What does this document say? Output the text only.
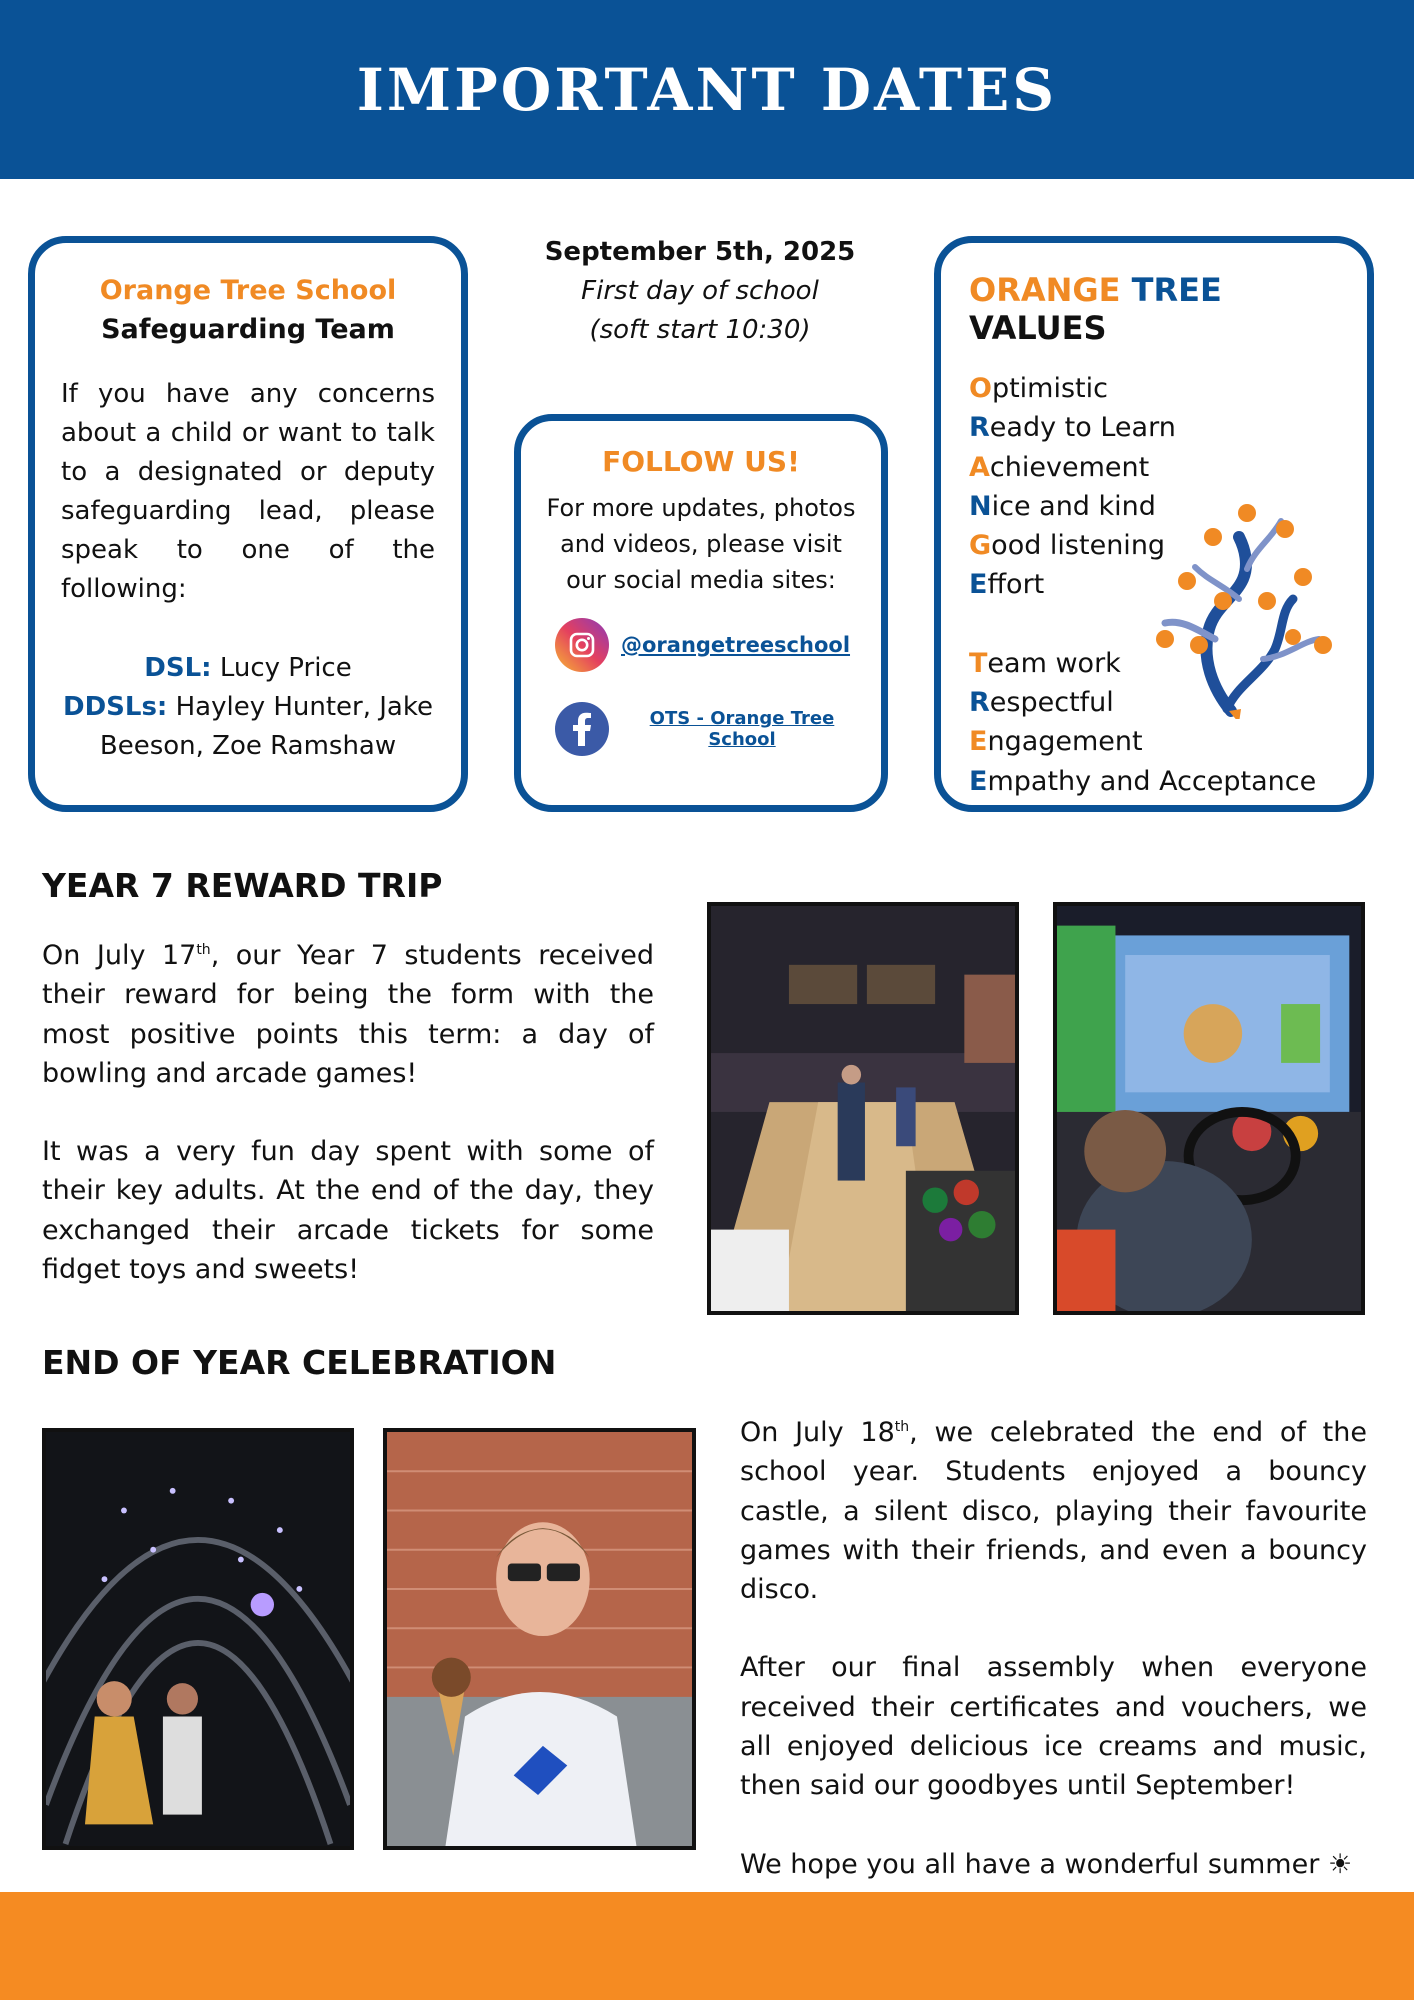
IMPORTANT DATES
Orange Tree School
Safeguarding Team
If you have any concerns about a child or want to talk to a designated or deputy safeguarding lead, please speak to one of the following:
DSL: Lucy Price
DDSLs: Hayley Hunter, Jake Beeson, Zoe Ramshaw
September 5th, 2025
First day of school
(soft start 10:30)
FOLLOW US!
For more updates, photos and videos, please visit our social media sites:
@orangetreeschool
OTS - Orange Tree School
ORANGE TREE VALUES
Optimistic
Ready to Learn
Achievement
Nice and kind
Good listening
Effort
Team work
Respectful
Engagement
Empathy and Acceptance
YEAR 7 REWARD TRIP

On July 17th, our Year 7 students received their reward for being the form with the most positive points this term: a day of bowling and arcade games!

It was a very fun day spent with some of their key adults. At the end of the day, they exchanged their arcade tickets for some fidget toys and sweets!

END OF YEAR CELEBRATION

On July 18th, we celebrated the end of the school year. Students enjoyed a bouncy castle, a silent disco, playing their favourite games with their friends, and even a bouncy disco.

After our final assembly when everyone received their certificates and vouchers, we all enjoyed delicious ice creams and music, then said our goodbyes until September!

We hope you all have a wonderful summer ☀
